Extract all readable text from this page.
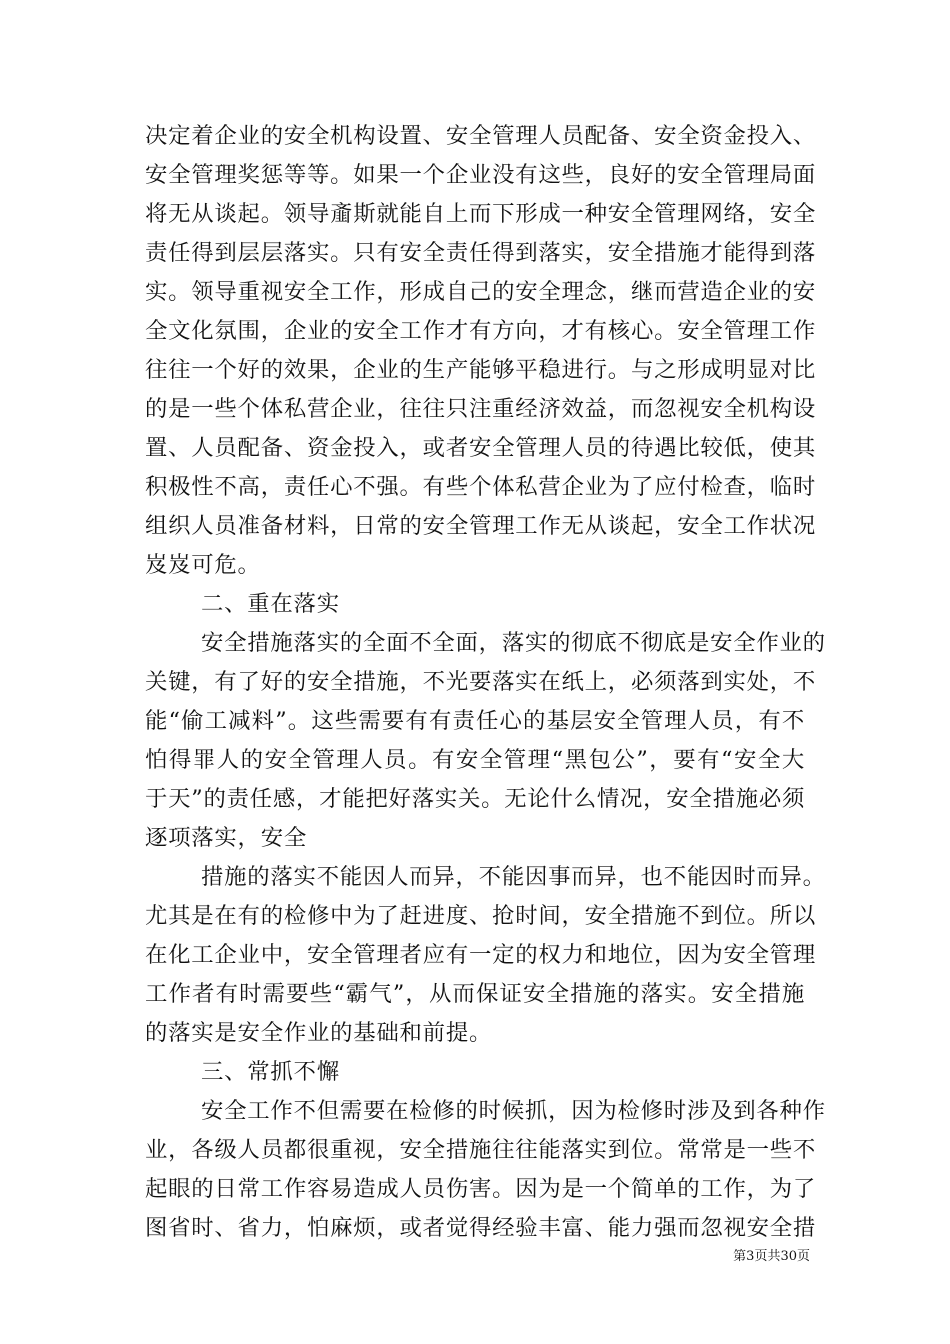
决定着企业的安全机构设置、安全管理人员配备、安全资金投入、
安全管理奖惩等等。如果一个企业没有这些，良好的安全管理局面
将无从谈起。领导齑斯就能自上而下形成一种安全管理网络，安全
责任得到层层落实。只有安全责任得到落实，安全措施才能得到落
实。领导重视安全工作，形成自己的安全理念，继而营造企业的安
全文化氛围，企业的安全工作才有方向，才有核心。安全管理工作
往往一个好的效果，企业的生产能够平稳进行。与之形成明显对比
的是一些个体私营企业，往往只注重经济效益，而忽视安全机构设
置、人员配备、资金投入，或者安全管理人员的待遇比较低，使其
积极性不高，责任心不强。有些个体私营企业为了应付检查，临时
组织人员准备材料，日常的安全管理工作无从谈起，安全工作状况
岌岌可危。
二、重在落实
安全措施落实的全面不全面，落实的彻底不彻底是安全作业的
关键，有了好的安全措施，不光要落实在纸上，必须落到实处，不
能“偷工减料”。这些需要有有责任心的基层安全管理人员，有不
怕得罪人的安全管理人员。有安全管理“黑包公”，要有“安全大
于天”的责任感，才能把好落实关。无论什么情况，安全措施必须
逐项落实，安全
措施的落实不能因人而异，不能因事而异，也不能因时而异。
尤其是在有的检修中为了赶进度、抢时间，安全措施不到位。所以
在化工企业中，安全管理者应有一定的权力和地位，因为安全管理
工作者有时需要些“霸气”，从而保证安全措施的落实。安全措施
的落实是安全作业的基础和前提。
三、常抓不懈
安全工作不但需要在检修的时候抓，因为检修时涉及到各种作
业，各级人员都很重视，安全措施往往能落实到位。常常是一些不
起眼的日常工作容易造成人员伤害。因为是一个简单的工作，为了
图省时、省力，怕麻烦，或者觉得经验丰富、能力强而忽视安全措
第3页共30页
